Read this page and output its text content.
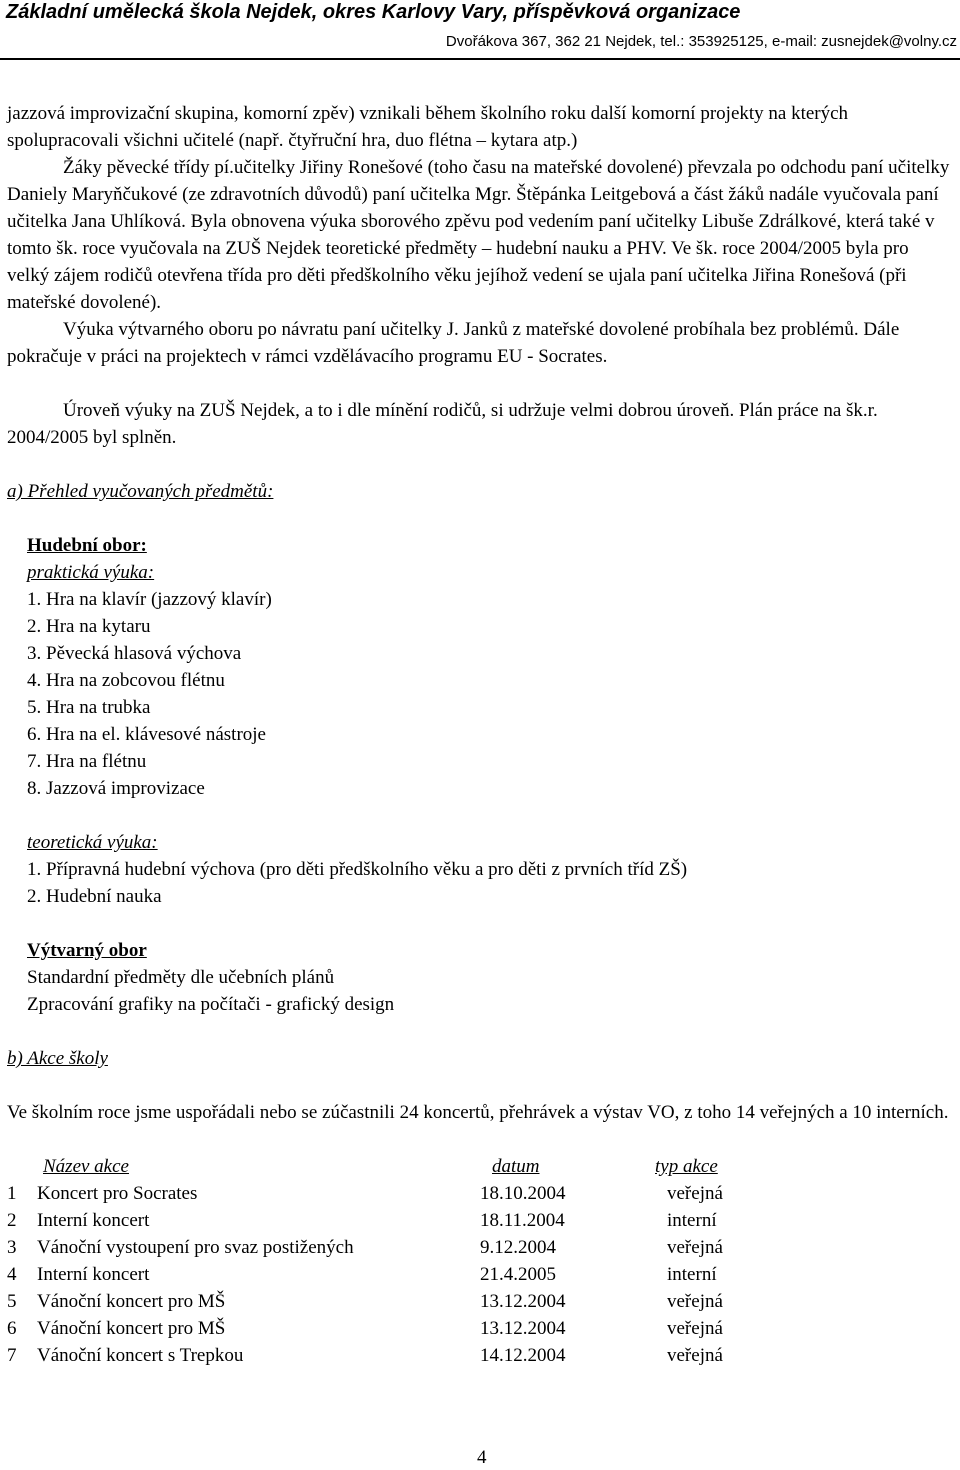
Základní umělecká škola Nejdek, okres Karlovy Vary, příspěvková organizace
Dvořákova 367, 362 21 Nejdek, tel.: 353925125, e-mail: zusnejdek@volny.cz

jazzová improvizační skupina, komorní zpěv) vznikali během školního roku další komorní projekty na kterých spolupracovali všichni učitelé (např. čtyřruční hra, duo flétna – kytara atp.)

Žáky pěvecké třídy pí.učitelky Jiřiny Ronešové (toho času na mateřské dovolené) převzala po odchodu paní učitelky Daniely Maryňčukové (ze zdravotních důvodů) paní učitelka Mgr. Štěpánka Leitgebová a část žáků nadále vyučovala paní učitelka Jana Uhlíková. Byla obnovena výuka sborového zpěvu pod vedením paní učitelky Libuše Zdrálkové, která také v tomto šk. roce vyučovala na ZUŠ Nejdek teoretické předměty – hudební nauku a PHV. Ve šk. roce 2004/2005 byla pro velký zájem rodičů otevřena třída pro děti předškolního věku jejíhož vedení se ujala paní učitelka Jiřina Ronešová (při mateřské dovolené).

Výuka výtvarného oboru po návratu paní učitelky J. Janků z mateřské dovolené probíhala bez problémů. Dále pokračuje v práci na projektech v rámci vzdělávacího programu EU - Socrates.

Úroveň výuky na ZUŠ Nejdek, a to i dle mínění rodičů, si udržuje velmi dobrou úroveň. Plán práce na šk.r. 2004/2005 byl splněn.

a) Přehled vyučovaných předmětů:

Hudební obor:

praktická výuka:

1. Hra na klavír (jazzový klavír)

2. Hra na kytaru

3. Pěvecká hlasová výchova

4. Hra na zobcovou flétnu

5. Hra na trubka

6. Hra na el. klávesové nástroje

7. Hra na flétnu

8. Jazzová improvizace

teoretická výuka:

1. Přípravná hudební výchova (pro děti předškolního věku a pro děti z prvních tříd ZŠ)

2. Hudební nauka

Výtvarný obor

Standardní předměty dle učebních plánů

Zpracování grafiky na počítači - grafický design

b) Akce školy

Ve školním roce jsme uspořádali nebo se zúčastnili 24 koncertů, přehrávek a výstav VO, z toho 14 veřejných a 10 interních.

	Název akce	datum	typ akce
1	Koncert pro Socrates	18.10.2004	veřejná
2	Interní koncert	18.11.2004	interní
3	Vánoční vystoupení pro svaz postižených	9.12.2004	veřejná
4	Interní koncert	21.4.2005	interní
5	Vánoční koncert pro MŠ	13.12.2004	veřejná
6	Vánoční koncert pro MŠ	13.12.2004	veřejná
7	Vánoční koncert s Trepkou	14.12.2004	veřejná
4
